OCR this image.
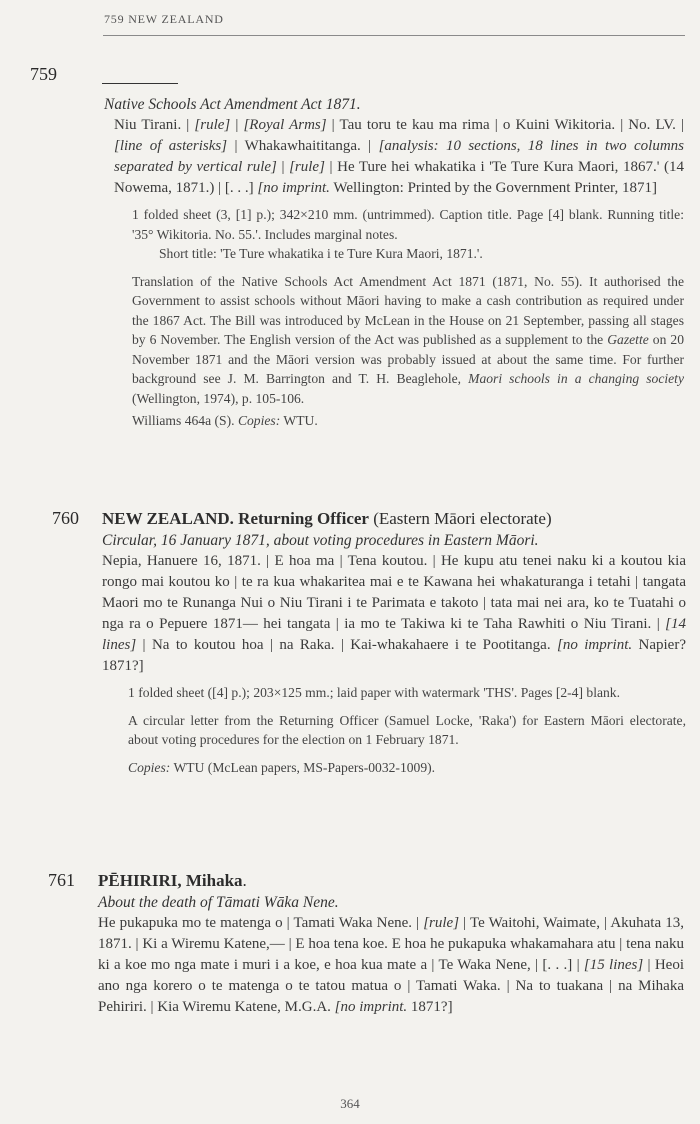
759 NEW ZEALAND
759
Native Schools Act Amendment Act 1871.
Niu Tirani. | [rule] | [Royal Arms] | Tau toru te kau ma rima | o Kuini Wikitoria. | No. LV. | [line of asterisks] | Whakawhaititanga. | [analysis: 10 sections, 18 lines in two columns separated by vertical rule] | [rule] | He Ture hei whakatika i 'Te Ture Kura Maori, 1867.' (14 Nowema, 1871.) | [. . .] [no imprint. Wellington: Printed by the Government Printer, 1871]
1 folded sheet (3, [1] p.); 342×210 mm. (untrimmed). Caption title. Page [4] blank. Running title: '35° Wikitoria. No. 55.'. Includes marginal notes.
Short title: 'Te Ture whakatika i te Ture Kura Maori, 1871.'.
Translation of the Native Schools Act Amendment Act 1871 (1871, No. 55). It authorised the Government to assist schools without Māori having to make a cash contribution as required under the 1867 Act. The Bill was introduced by McLean in the House on 21 September, passing all stages by 6 November. The English version of the Act was published as a supplement to the Gazette on 20 November 1871 and the Māori version was probably issued at about the same time. For further background see J. M. Barrington and T. H. Beaglehole, Maori schools in a changing society (Wellington, 1974), p. 105-106.
Williams 464a (S). Copies: WTU.
760 NEW ZEALAND. Returning Officer (Eastern Māori electorate)
Circular, 16 January 1871, about voting procedures in Eastern Māori.
Nepia, Hanuere 16, 1871. | E hoa ma | Tena koutou. | He kupu atu tenei naku ki a koutou kia rongo mai koutou ko | te ra kua whakaritea mai e te Kawana hei whakaturanga i tetahi | tangata Maori mo te Runanga Nui o Niu Tirani i te Parimata e takoto | tata mai nei ara, ko te Tuatahi o nga ra o Pepuere 1871— hei tangata | ia mo te Takiwa ki te Taha Rawhiti o Niu Tirani. | [14 lines] | Na to koutou hoa | na Raka. | Kai-whakahaere i te Pootitanga. [no imprint. Napier? 1871?]
1 folded sheet ([4] p.); 203×125 mm.; laid paper with watermark 'THS'. Pages [2-4] blank.
A circular letter from the Returning Officer (Samuel Locke, 'Raka') for Eastern Māori electorate, about voting procedures for the election on 1 February 1871.
Copies: WTU (McLean papers, MS-Papers-0032-1009).
761 PĒHIRIRI, Mihaka.
About the death of Tāmati Wāka Nene.
He pukapuka mo te matenga o | Tamati Waka Nene. | [rule] | Te Waitohi, Waimate, | Akuhata 13, 1871. | Ki a Wiremu Katene,— | E hoa tena koe. E hoa he pukapuka whakamahara atu | tena naku ki a koe mo nga mate i muri i a koe, e hoa kua mate a | Te Waka Nene, | [. . .] | [15 lines] | Heoi ano nga korero o te matenga o te tatou matua o | Tamati Waka. | Na to tuakana | na Mihaka Pehiriri. | Kia Wiremu Katene, M.G.A. [no imprint. 1871?]
364
